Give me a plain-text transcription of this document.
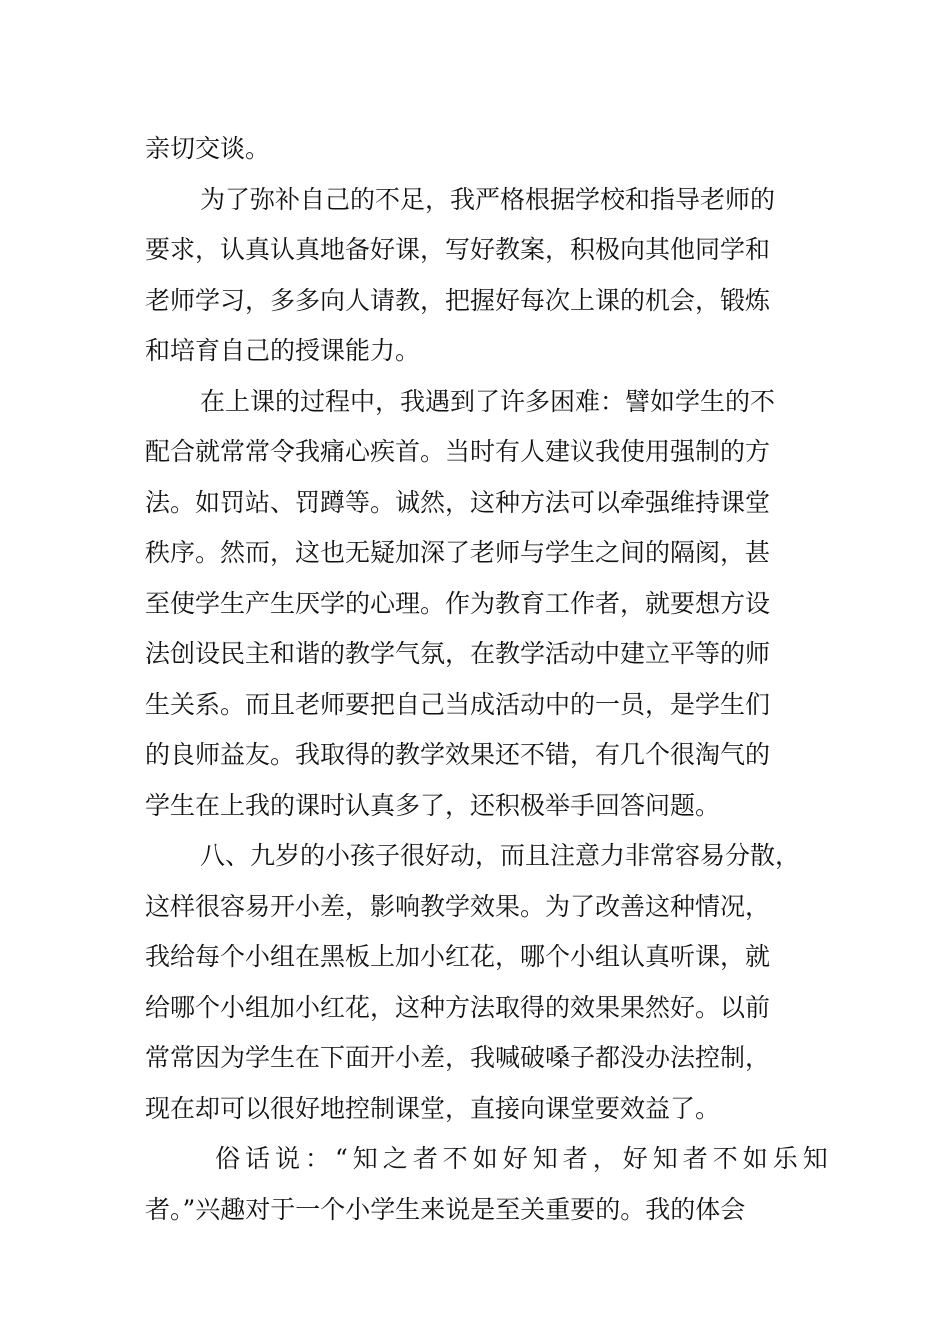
亲切交谈。
为了弥补自己的不足，我严格根据学校和指导老师的
要求，认真认真地备好课，写好教案，积极向其他同学和
老师学习，多多向人请教，把握好每次上课的机会，锻炼
和培育自己的授课能力。
在上课的过程中，我遇到了许多困难：譬如学生的不
配合就常常令我痛心疾首。当时有人建议我使用强制的方
法。如罚站、罚蹲等。诚然，这种方法可以牵强维持课堂
秩序。然而，这也无疑加深了老师与学生之间的隔阂，甚
至使学生产生厌学的心理。作为教育工作者，就要想方设
法创设民主和谐的教学气氛，在教学活动中建立平等的师
生关系。而且老师要把自己当成活动中的一员，是学生们
的良师益友。我取得的教学效果还不错，有几个很淘气的
学生在上我的课时认真多了，还积极举手回答问题。
八、九岁的小孩子很好动，而且注意力非常容易分散，
这样很容易开小差，影响教学效果。为了改善这种情况，
我给每个小组在黑板上加小红花，哪个小组认真听课，就
给哪个小组加小红花，这种方法取得的效果果然好。以前
常常因为学生在下面开小差，我喊破嗓子都没办法控制，
现在却可以很好地控制课堂，直接向课堂要效益了。
俗话说：“知之者不如好知者，好知者不如乐知
者。”兴趣对于一个小学生来说是至关重要的。我的体会
